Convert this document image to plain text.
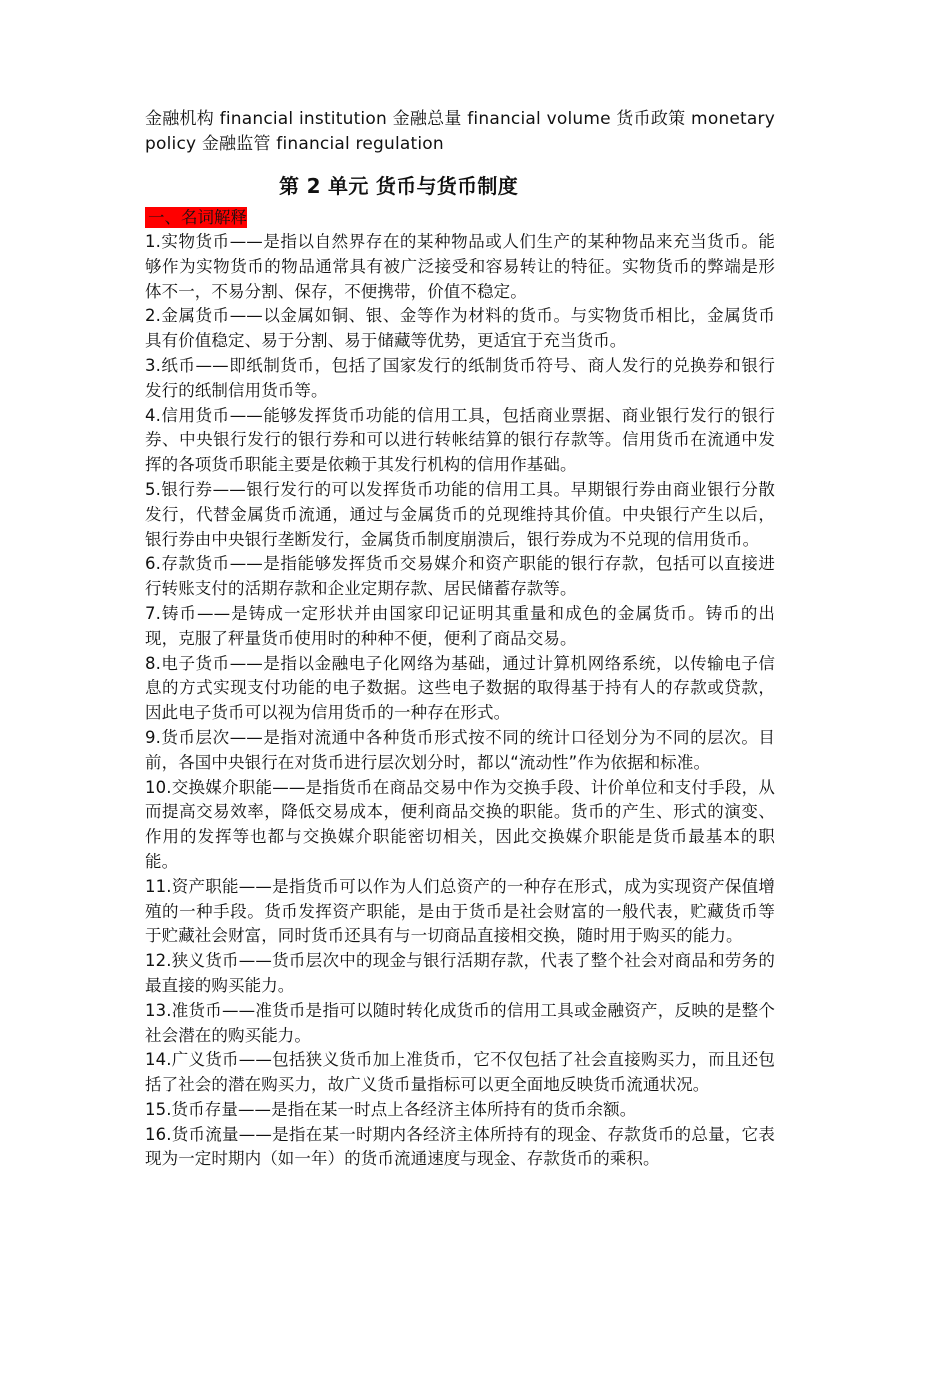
金融机构 financial institution 金融总量 financial volume 货币政策 monetary policy 金融监管 financial regulation

第 2 单元 货币与货币制度
一、名词解释

1.实物货币——是指以自然界存在的某种物品或人们生产的某种物品来充当货币。能够作为实物货币的物品通常具有被广泛接受和容易转让的特征。实物货币的弊端是形体不一，不易分割、保存，不便携带，价值不稳定。

2.金属货币——以金属如铜、银、金等作为材料的货币。与实物货币相比，金属货币具有价值稳定、易于分割、易于储藏等优势，更适宜于充当货币。

3.纸币——即纸制货币，包括了国家发行的纸制货币符号、商人发行的兑换券和银行发行的纸制信用货币等。

4.信用货币——能够发挥货币功能的信用工具，包括商业票据、商业银行发行的银行券、中央银行发行的银行券和可以进行转帐结算的银行存款等。信用货币在流通中发挥的各项货币职能主要是依赖于其发行机构的信用作基础。

5.银行券——银行发行的可以发挥货币功能的信用工具。早期银行券由商业银行分散发行，代替金属货币流通，通过与金属货币的兑现维持其价值。中央银行产生以后，银行券由中央银行垄断发行，金属货币制度崩溃后，银行券成为不兑现的信用货币。

6.存款货币——是指能够发挥货币交易媒介和资产职能的银行存款，包括可以直接进行转账支付的活期存款和企业定期存款、居民储蓄存款等。

7.铸币——是铸成一定形状并由国家印记证明其重量和成色的金属货币。铸币的出现，克服了秤量货币使用时的种种不便，便利了商品交易。

8.电子货币——是指以金融电子化网络为基础，通过计算机网络系统，以传输电子信息的方式实现支付功能的电子数据。这些电子数据的取得基于持有人的存款或贷款，因此电子货币可以视为信用货币的一种存在形式。

9.货币层次——是指对流通中各种货币形式按不同的统计口径划分为不同的层次。目前，各国中央银行在对货币进行层次划分时，都以“流动性”作为依据和标准。

10.交换媒介职能——是指货币在商品交易中作为交换手段、计价单位和支付手段，从而提高交易效率，降低交易成本，便利商品交换的职能。货币的产生、形式的演变、作用的发挥等也都与交换媒介职能密切相关，因此交换媒介职能是货币最基本的职能。

11.资产职能——是指货币可以作为人们总资产的一种存在形式，成为实现资产保值增殖的一种手段。货币发挥资产职能，是由于货币是社会财富的一般代表，贮藏货币等于贮藏社会财富，同时货币还具有与一切商品直接相交换，随时用于购买的能力。

12.狭义货币——货币层次中的现金与银行活期存款，代表了整个社会对商品和劳务的最直接的购买能力。

13.准货币——准货币是指可以随时转化成货币的信用工具或金融资产，反映的是整个社会潜在的购买能力。

14.广义货币——包括狭义货币加上准货币，它不仅包括了社会直接购买力，而且还包括了社会的潜在购买力，故广义货币量指标可以更全面地反映货币流通状况。

15.货币存量——是指在某一时点上各经济主体所持有的货币余额。

16.货币流量——是指在某一时期内各经济主体所持有的现金、存款货币的总量，它表现为一定时期内（如一年）的货币流通速度与现金、存款货币的乘积。
